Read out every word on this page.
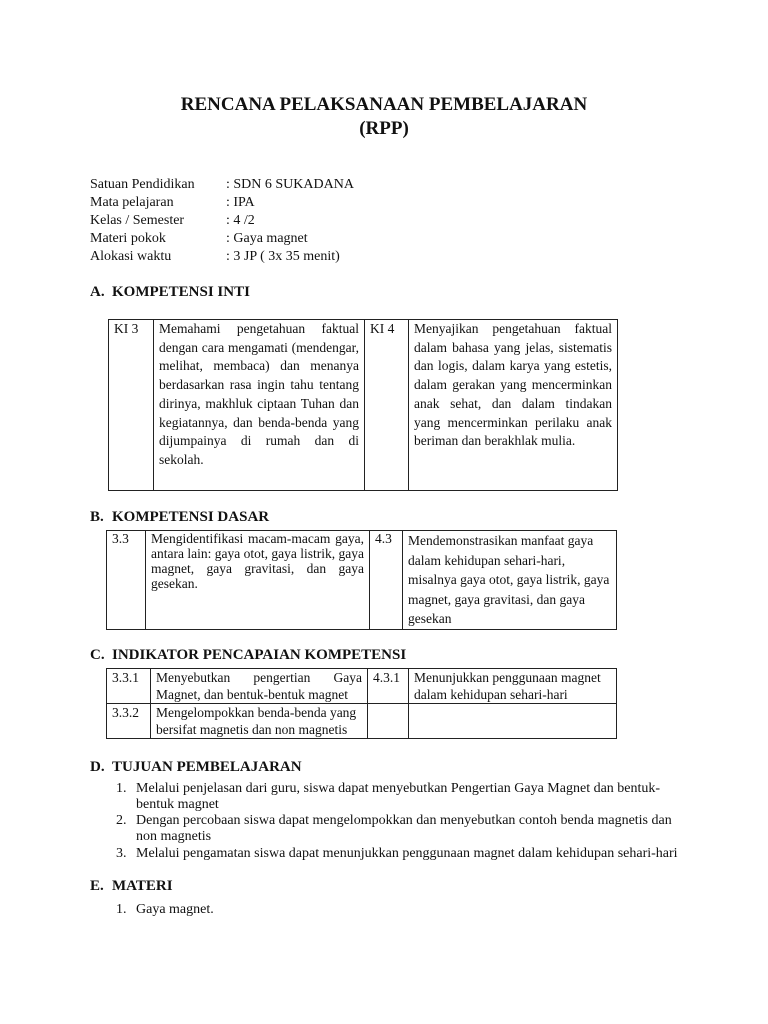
RENCANA PELAKSANAAN PEMBELAJARAN
(RPP)
Satuan Pendidikan : SDN 6 SUKADANA
Mata pelajaran	: IPA
Kelas / Semester	: 4 /2
Materi pokok	: Gaya magnet
Alokasi waktu	: 3 JP ( 3x 35 menit)
A. KOMPETENSI INTI
KI 3	Memahami pengetahuan faktual dengan cara mengamati (mendengar, melihat, membaca) dan menanya berdasarkan rasa ingin tahu tentang dirinya, makhluk ciptaan Tuhan dan kegiatannya, dan benda-benda yang dijumpainya di rumah dan di sekolah.	KI 4	Menyajikan pengetahuan faktual dalam bahasa yang jelas, sistematis dan logis, dalam karya yang estetis, dalam gerakan yang mencerminkan anak sehat, dan dalam tindakan yang mencerminkan perilaku anak beriman dan berakhlak mulia.
B. KOMPETENSI DASAR
3.3	Mengidentifikasi macam-macam gaya, antara lain: gaya otot, gaya listrik, gaya magnet, gaya gravitasi, dan gaya gesekan.	4.3	Mendemonstrasikan manfaat gaya dalam kehidupan sehari-hari, misalnya gaya otot, gaya listrik, gaya magnet, gaya gravitasi, dan gaya gesekan
C. INDIKATOR PENCAPAIAN KOMPETENSI
3.3.1	Menyebutkan pengertian Gaya Magnet, dan bentuk-bentuk magnet	4.3.1	Menunjukkan penggunaan magnet dalam kehidupan sehari-hari
3.3.2	Mengelompokkan benda-benda yang bersifat magnetis dan non magnetis		
D. TUJUAN PEMBELAJARAN
1. Melalui penjelasan dari guru, siswa dapat menyebutkan Pengertian Gaya Magnet dan bentuk-bentuk magnet
2. Dengan percobaan siswa dapat mengelompokkan dan menyebutkan contoh benda magnetis dan non magnetis
3. Melalui pengamatan siswa dapat menunjukkan penggunaan magnet dalam kehidupan sehari-hari
E. MATERI
1. Gaya magnet.
